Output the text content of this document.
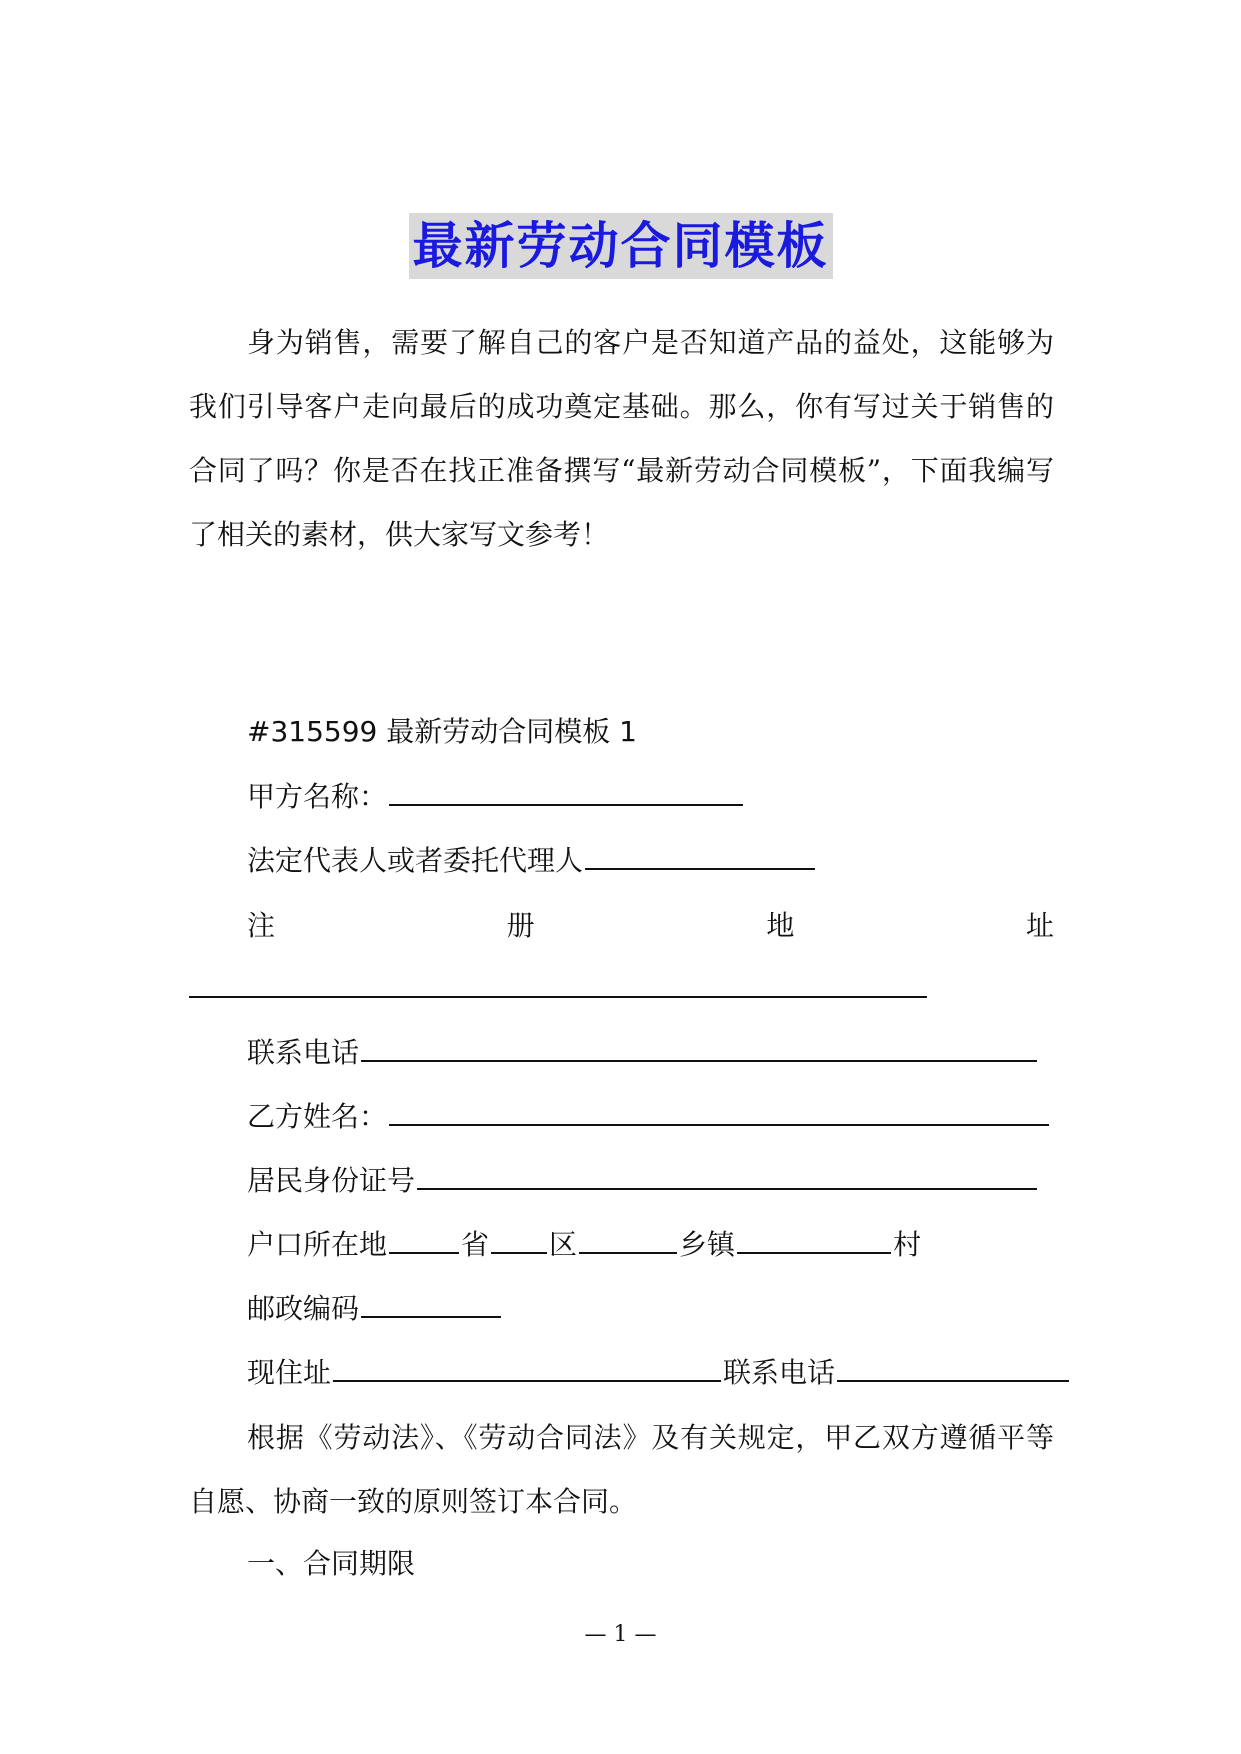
最新劳动合同模板

身为销售，需要了解自己的客户是否知道产品的益处，这能够为我们引导客户走向最后的成功奠定基础。那么，你有写过关于销售的合同了吗？你是否在找正准备撰写“最新劳动合同模板”，下面我编写了相关的素材，供大家写文参考！

#315599 最新劳动合同模板 1
甲方名称：
法定代表人或者委托代理人
注	册	地	址
联系电话
乙方姓名：
居民身份证号
户口所在地	省 区	乡镇	村
邮政编码
现住址	联系电话

根据《劳动法》、《劳动合同法》及有关规定，甲乙双方遵循平等自愿、协商一致的原则签订本合同。

一、合同期限
— 1 —
